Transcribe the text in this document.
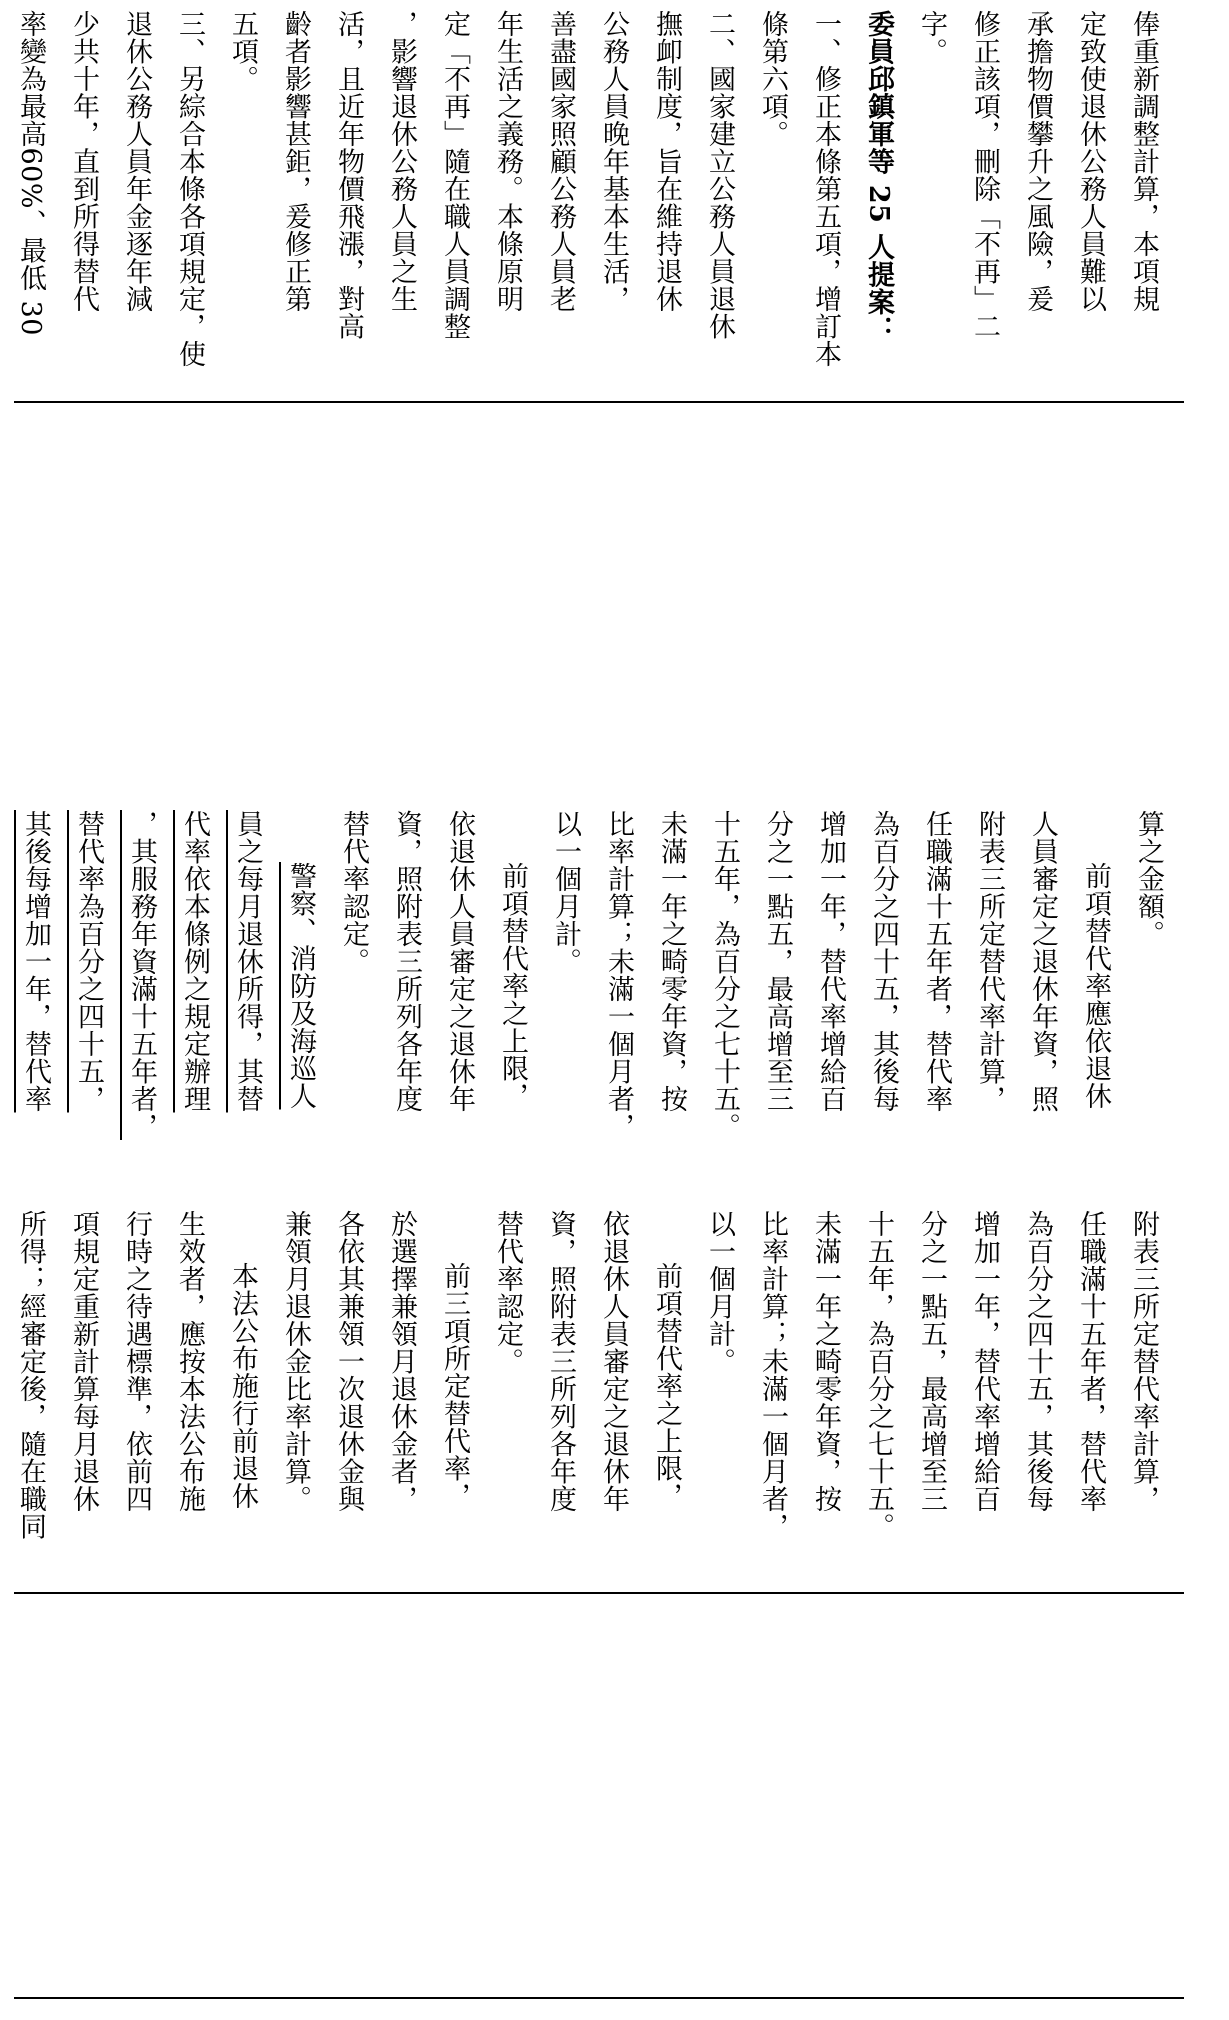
俸重新調整計算，本項規
定致使退休公務人員難以
承擔物價攀升之風險，爰
修正該項，刪除「不再」二
字。
委員邱鎮軍等 25 人提案：
一、修正本條第五項，增訂本
條第六項。
二、國家建立公務人員退休
撫卹制度，旨在維持退休
公務人員晚年基本生活，
善盡國家照顧公務人員老
年生活之義務。本條原明
定「不再」隨在職人員調整
，影響退休公務人員之生
活，且近年物價飛漲，對高
齡者影響甚鉅，爰修正第
五項。
三、另綜合本條各項規定，使
退休公務人員年金逐年減
少共十年，直到所得替代
率變為最高60%、最低 30
算之金額。
前項替代率應依退休
人員審定之退休年資，照
附表三所定替代率計算，
任職滿十五年者，替代率
為百分之四十五，其後每
增加一年，替代率增給百
分之一點五，最高增至三
十五年，為百分之七十五。
未滿一年之畸零年資，按
比率計算；未滿一個月者，
以一個月計。
前項替代率之上限，
依退休人員審定之退休年
資，照附表三所列各年度
替代率認定。
警察、消防及海巡人
員之每月退休所得，其替
代率依本條例之規定辦理
，其服務年資滿十五年者，
替代率為百分之四十五，
其後每增加一年，替代率
附表三所定替代率計算，
任職滿十五年者，替代率
為百分之四十五，其後每
增加一年，替代率增給百
分之一點五，最高增至三
十五年，為百分之七十五。
未滿一年之畸零年資，按
比率計算；未滿一個月者，
以一個月計。
前項替代率之上限，
依退休人員審定之退休年
資，照附表三所列各年度
替代率認定。
前三項所定替代率，
於選擇兼領月退休金者，
各依其兼領一次退休金與
兼領月退休金比率計算。
本法公布施行前退休
生效者，應按本法公布施
行時之待遇標準，依前四
項規定重新計算每月退休
所得；經審定後，隨在職同
